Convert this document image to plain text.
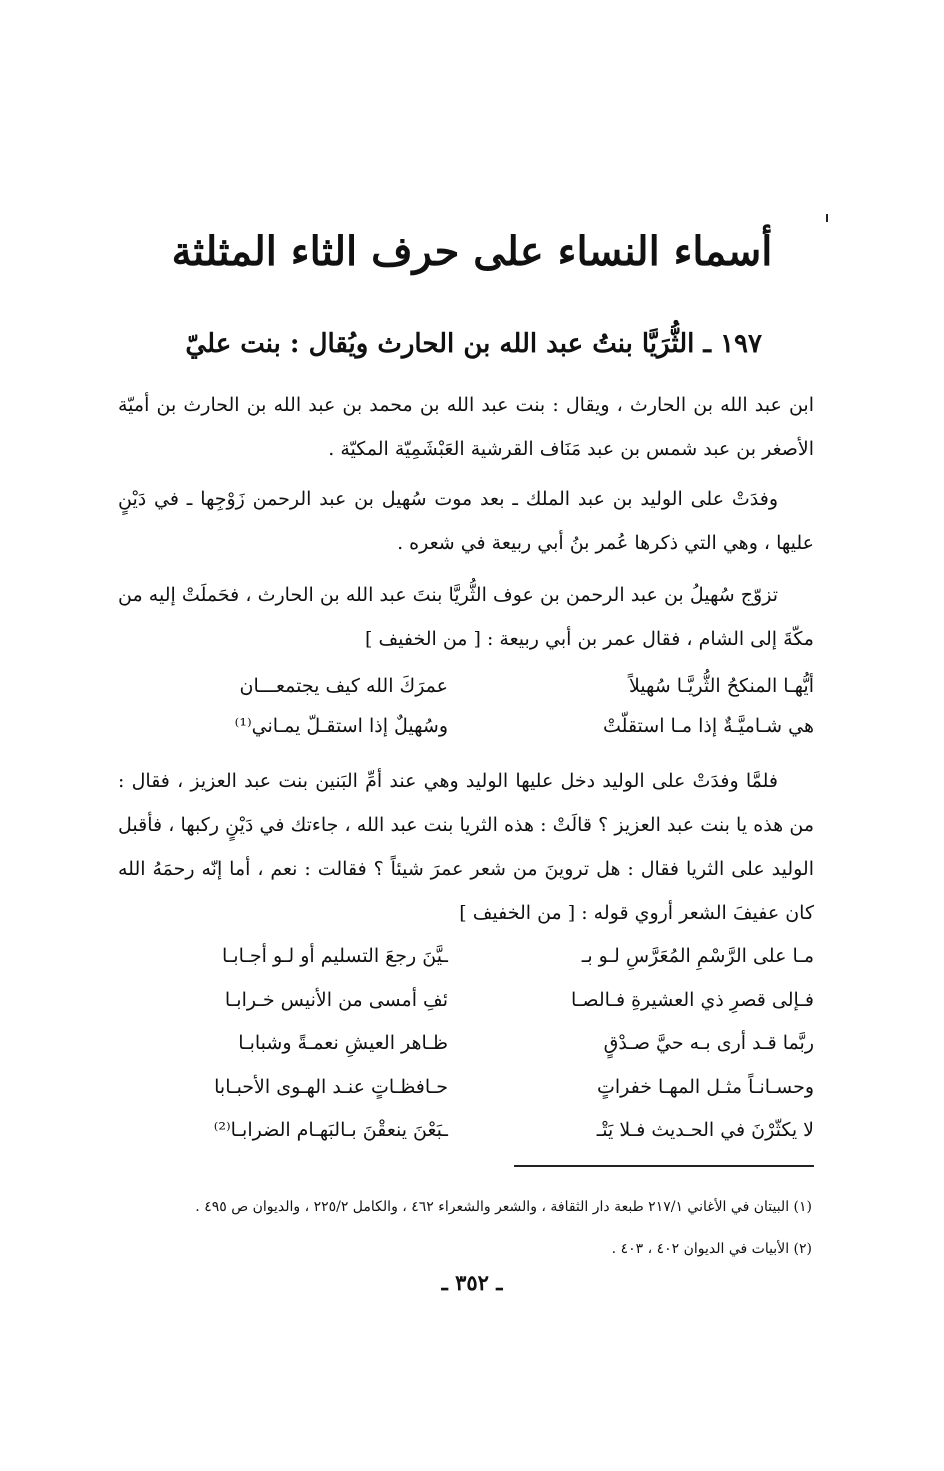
أسماء النساء على حرف الثاء المثلثة
١٩٧ ـ الثُّرَيَّا بنتُ عبد الله بن الحارث ويُقال : بنت عليّ
ابن عبد الله بن الحارث ، ويقال : بنت عبد الله بن محمد بن عبد الله بن الحارث بن أميّة الأصغر بن عبد شمس بن عبد مَنَاف القرشية العَبْشَمِيّة المكيّة .
وفدَتْ على الوليد بن عبد الملك ـ بعد موت سُهيل بن عبد الرحمن زَوْجِها ـ في دَيْنٍ عليها ، وهي التي ذكرها عُمر بنُ أبي ربيعة في شعره .
تزوّج سُهيلُ بن عبد الرحمن بن عوف الثُّريَّا بنتَ عبد الله بن الحارث ، فحَملَتْ إليه من مكّةَ إلى الشام ، فقال عمر بن أبي ربيعة : [ من الخفيف ]
أيُّهـا المنكحُ الثُّريَّـا سُهيلاً
عمرَكَ الله كيف يجتمعـــان
هي شـاميَّـةٌ إذا مـا استقلّتْ
وسُهيلٌ إذا استقـلّ يمـاني⁽¹⁾
فلمَّا وفدَتْ على الوليد دخل عليها الوليد وهي عند أمِّ البَنين بنت عبد العزيز ، فقال : من هذه يا بنت عبد العزيز ؟ قالَتْ : هذه الثريا بنت عبد الله ، جاءتك في دَيْنٍ ركبها ، فأقبل الوليد على الثريا فقال : هل تروينَ من شعر عمرَ شيئاً ؟ فقالت : نعم ، أما إنّه رحمَهُ الله كان عفيفَ الشعر أروي قوله : [ من الخفيف ]
مـا على الرَّسْمِ المُعَرَّسِ لـو بـ
ـيَّنَ رجعَ التسليم أو لـو أجـابـا
فـإلى قصرِ ذي العشيرةِ فـالصـا
ئفِ أمسى من الأنيس خـرابـا
ربَّما قـد أرى بـه حيَّ صـدْقٍ
ظـاهر العيشِ نعمـةً وشبابـا
وحسـانـاً مثـل المهـا خفراتٍ
حـافظـاتٍ عنـد الهـوى الأحبـابا
لا يكثّرْنَ في الحـديث فـلا يَتْـ
ـبَعْنَ ينعقْنَ بـالبَهـام الضرابـا⁽²⁾
(١) البيتان في الأغاني ٢١٧/١ طبعة دار الثقافة ، والشعر والشعراء ٤٦٢ ، والكامل ٢٢٥/٢ ، والديوان ص ٤٩٥ .
(٢) الأبيات في الديوان ٤٠٢ ، ٤٠٣ .
ـ ٣٥٢ ـ
